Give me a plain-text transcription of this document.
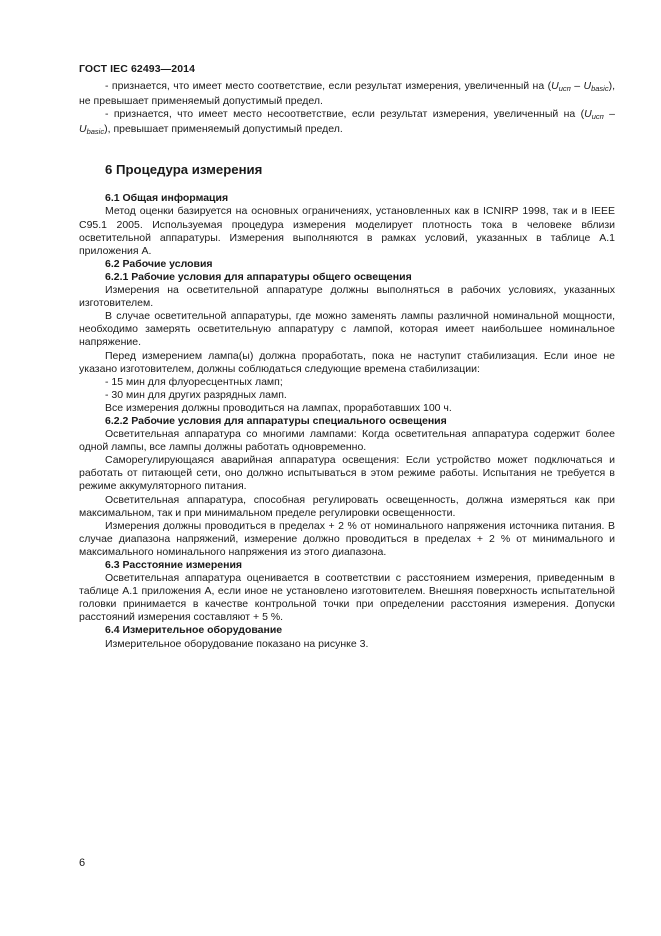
ГОСТ IEC 62493—2014

- признается, что имеет место соответствие, если результат измерения, увеличенный на $(U_{исп} - U_{basic})$, не превышает применяемый допустимый предел.

- признается, что имеет место несоответствие, если результат измерения, увеличенный на $(U_{исп} - U_{basic})$, превышает применяемый допустимый предел.

6 Процедура измерения
6.1 Общая информация

Метод оценки базируется на основных ограничениях, установленных как в ICNIRP 1998, так и в IEEE C95.1 2005. Используемая процедура измерения моделирует плотность тока в человеке вблизи осветительной аппаратуры. Измерения выполняются в рамках условий, указанных в таблице А.1 приложения А.

6.2 Рабочие условия
6.2.1 Рабочие условия для аппаратуры общего освещения

Измерения на осветительной аппаратуре должны выполняться в рабочих условиях, указанных изготовителем.

В случае осветительной аппаратуры, где можно заменять лампы различной номинальной мощности, необходимо замерять осветительную аппаратуру с лампой, которая имеет наибольшее номинальное напряжение.

Перед измерением лампа(ы) должна проработать, пока не наступит стабилизация. Если иное не указано изготовителем, должны соблюдаться следующие времена стабилизации:

- 15 мин для флуоресцентных ламп;

- 30 мин для других разрядных ламп.

Все измерения должны проводиться на лампах, проработавших 100 ч.

6.2.2 Рабочие условия для аппаратуры специального освещения

Осветительная аппаратура со многими лампами: Когда осветительная аппаратура содержит более одной лампы, все лампы должны работать одновременно.

Саморегулирующаяся аварийная аппаратура освещения: Если устройство может подключаться и работать от питающей сети, оно должно испытываться в этом режиме работы. Испытания не требуется в режиме аккумуляторного питания.

Осветительная аппаратура, способная регулировать освещенность, должна измеряться как при максимальном, так и при минимальном пределе регулировки освещенности.

Измерения должны проводиться в пределах + 2 % от номинального напряжения источника питания. В случае диапазона напряжений, измерение должно проводиться в пределах + 2 % от минимального и максимального номинального напряжения из этого диапазона.

6.3 Расстояние измерения

Осветительная аппаратура оценивается в соответствии с расстоянием измерения, приведенным в таблице А.1 приложения А, если иное не установлено изготовителем. Внешняя поверхность испытательной головки принимается в качестве контрольной точки при определении расстояния измерения. Допуски расстояний измерения составляют + 5 %.

6.4 Измерительное оборудование

Измерительное оборудование показано на рисунке 3.

6
